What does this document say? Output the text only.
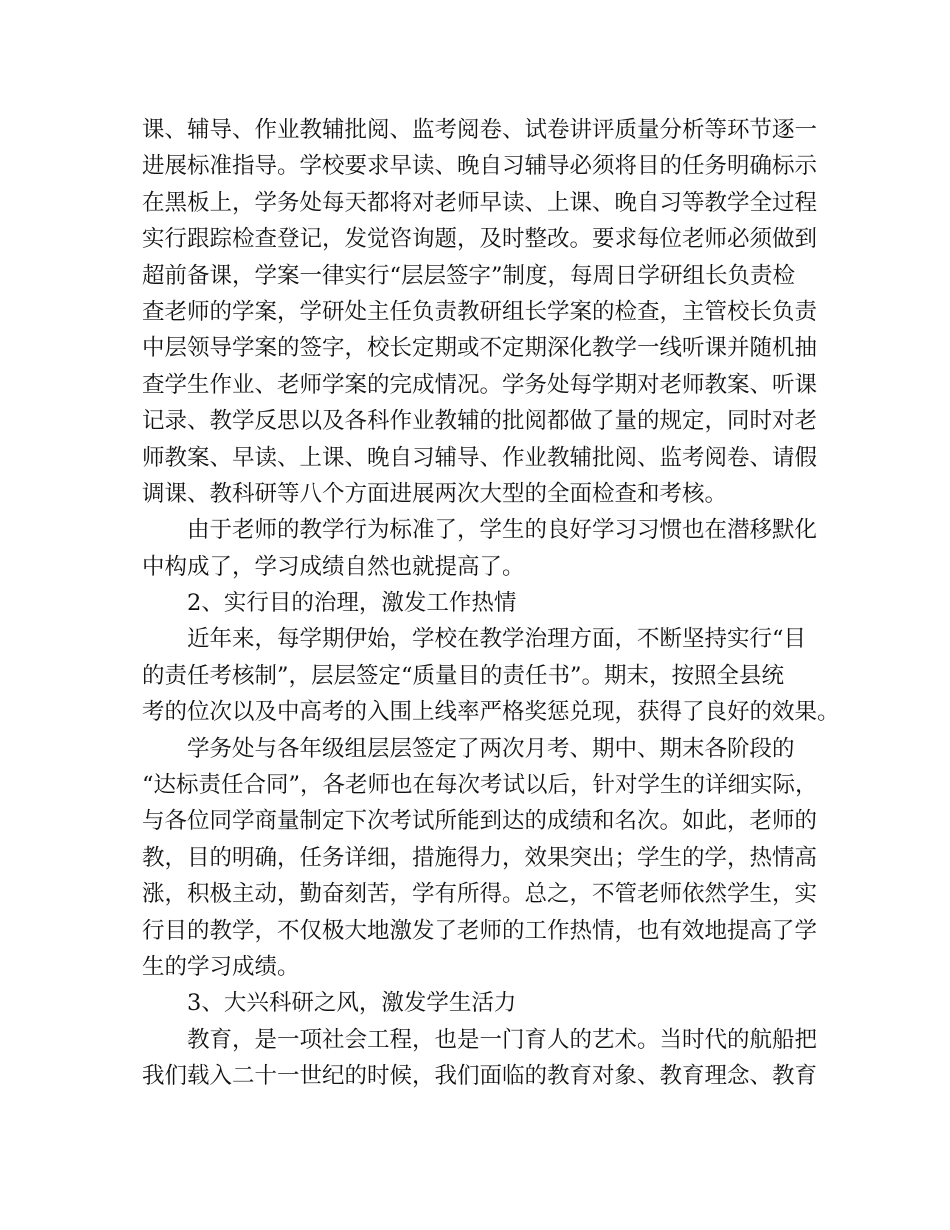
课、辅导、作业教辅批阅、监考阅卷、试卷讲评质量分析等环节逐一

进展标准指导。学校要求早读、晚自习辅导必须将目的任务明确标示

在黑板上，学务处每天都将对老师早读、上课、晚自习等教学全过程

实行跟踪检查登记，发觉咨询题，及时整改。要求每位老师必须做到

超前备课，学案一律实行“层层签字”制度，每周日学研组长负责检

查老师的学案，学研处主任负责教研组长学案的检查，主管校长负责

中层领导学案的签字，校长定期或不定期深化教学一线听课并随机抽

查学生作业、老师学案的完成情况。学务处每学期对老师教案、听课

记录、教学反思以及各科作业教辅的批阅都做了量的规定，同时对老

师教案、早读、上课、晚自习辅导、作业教辅批阅、监考阅卷、请假

调课、教科研等八个方面进展两次大型的全面检查和考核。

由于老师的教学行为标准了，学生的良好学习习惯也在潜移默化

中构成了，学习成绩自然也就提高了。

2、实行目的治理，激发工作热情

近年来，每学期伊始，学校在教学治理方面，不断坚持实行“目

的责任考核制”，层层签定“质量目的责任书”。期末，按照全县统

考的位次以及中高考的入围上线率严格奖惩兑现，获得了良好的效果。

学务处与各年级组层层签定了两次月考、期中、期末各阶段的

“达标责任合同”，各老师也在每次考试以后，针对学生的详细实际，

与各位同学商量制定下次考试所能到达的成绩和名次。如此，老师的

教，目的明确，任务详细，措施得力，效果突出；学生的学，热情高

涨，积极主动，勤奋刻苦，学有所得。总之，不管老师依然学生，实

行目的教学，不仅极大地激发了老师的工作热情，也有效地提高了学

生的学习成绩。

3、大兴科研之风，激发学生活力

教育，是一项社会工程，也是一门育人的艺术。当时代的航船把

我们载入二十一世纪的时候，我们面临的教育对象、教育理念、教育
